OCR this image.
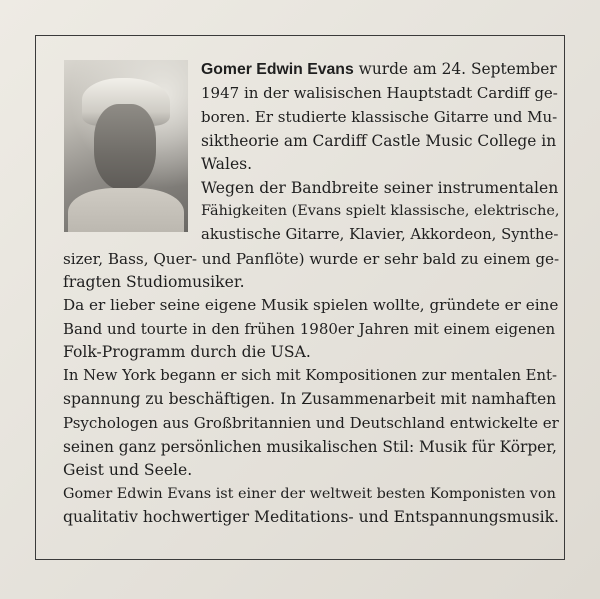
Gomer Edwin Evans wurde am 24. September

1947 in der walisischen Hauptstadt Cardiff ge-

boren. Er studierte klassische Gitarre und Mu-

siktheorie am Cardiff Castle Music College in

Wales.

Wegen der Bandbreite seiner instrumentalen

Fähigkeiten (Evans spielt klassische, elektrische,

akustische Gitarre, Klavier, Akkordeon, Synthe-

sizer, Bass, Quer- und Panflöte) wurde er sehr bald zu einem ge-

fragten Studiomusiker.

Da er lieber seine eigene Musik spielen wollte, gründete er eine

Band und tourte in den frühen 1980er Jahren mit einem eigenen

Folk-Programm durch die USA.

In New York begann er sich mit Kompositionen zur mentalen Ent-

spannung zu beschäftigen. In Zusammenarbeit mit namhaften

Psychologen aus Großbritannien und Deutschland entwickelte er

seinen ganz persönlichen musikalischen Stil: Musik für Körper,

Geist und Seele.

Gomer Edwin Evans ist einer der weltweit besten Komponisten von

qualitativ hochwertiger Meditations- und Entspannungsmusik.
